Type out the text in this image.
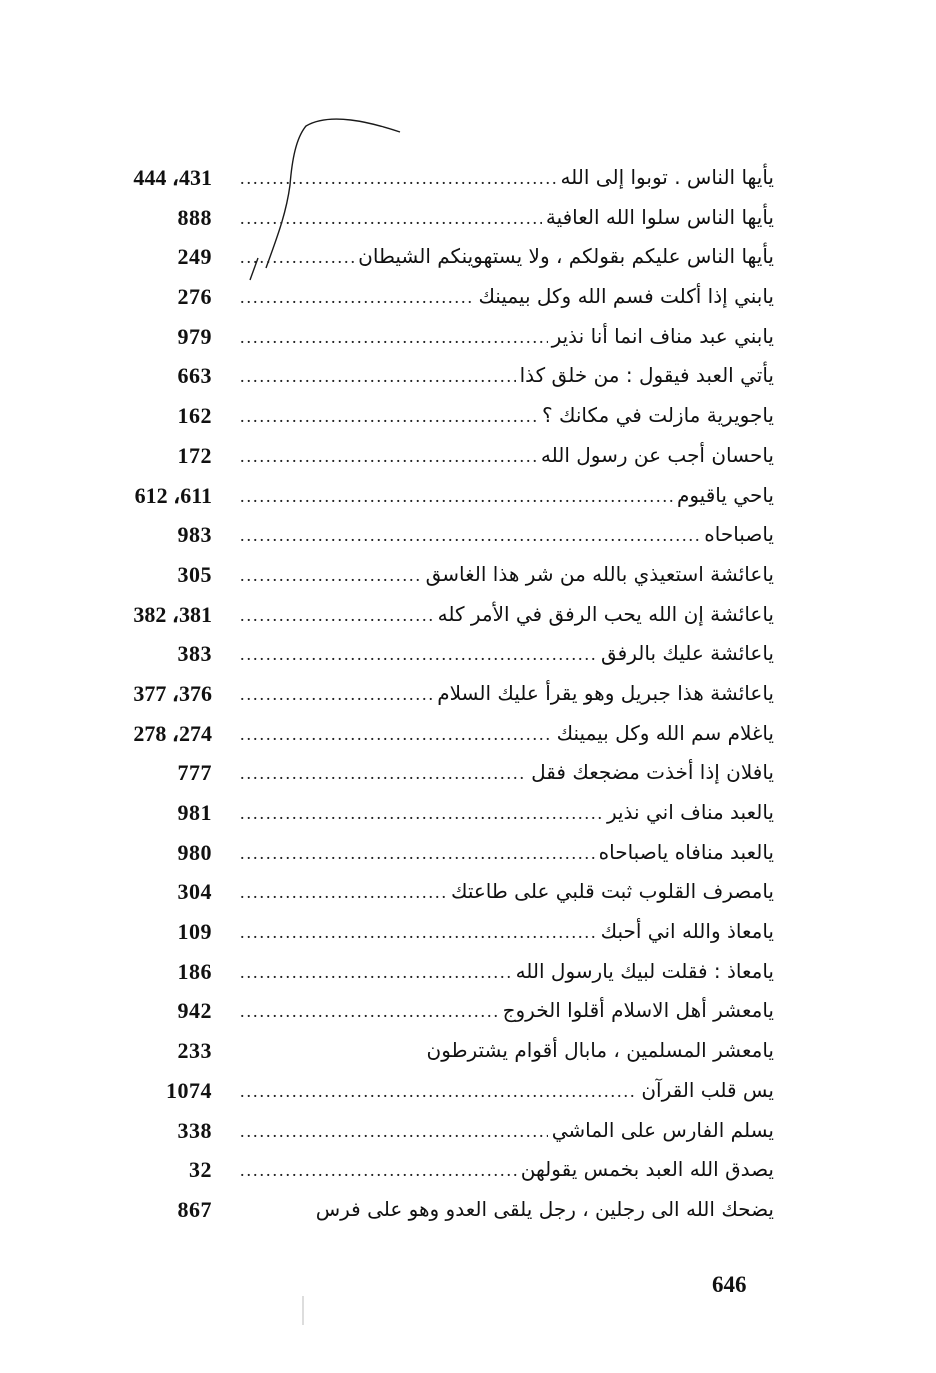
444 ،431	يأيها الناس . توبوا إلى الله
.....
888	يأيها الناس سلوا الله العافية
.....
249	يأيها الناس عليكم بقولكم ، ولا يستهوينكم الشيطان
.....
276	يابني إذا أكلت فسم الله وكل بيمينك
.....
979	يابني عبد مناف انما أنا نذير
.....
663	يأتي العبد فيقول : من خلق كذا
.....
162	ياجويرية مازلت في مكانك ؟
.....
172	ياحسان أجب عن رسول الله
.....
612 ،611	ياحي ياقيوم
.....
983	ياصباحاه
.....
305	ياعائشة استعيذي بالله من شر هذا الغاسق
.....
382 ،381	ياعائشة إن الله يحب الرفق في الأمر كله
.....
383	ياعائشة عليك بالرفق
.....
377 ،376	ياعائشة هذا جبريل وهو يقرأ عليك السلام
.....
278 ،274	ياغلام سم الله وكل بيمينك
.....
777	يافلان إذا أخذت مضجعك فقل
.....
981	يالعبد مناف اني نذير
.....
980	يالعبد منافاه ياصباحاه
.....
304	يامصرف القلوب ثبت قلبي على طاعتك
.....
109	يامعاذ والله اني أحبك
.....
186	يامعاذ : فقلت لبيك يارسول الله
.....
942	يامعشر أهل الاسلام أقلوا الخروج
.....
233	يامعشر المسلمين ، مابال أقوام يشترطون
1074	يس قلب القرآن
.....
338	يسلم الفارس على الماشي
.....
32	يصدق الله العبد بخمس يقولهن
.....
867	يضحك الله الى رجلين ، رجل يلقى العدو وهو على فرس
646
